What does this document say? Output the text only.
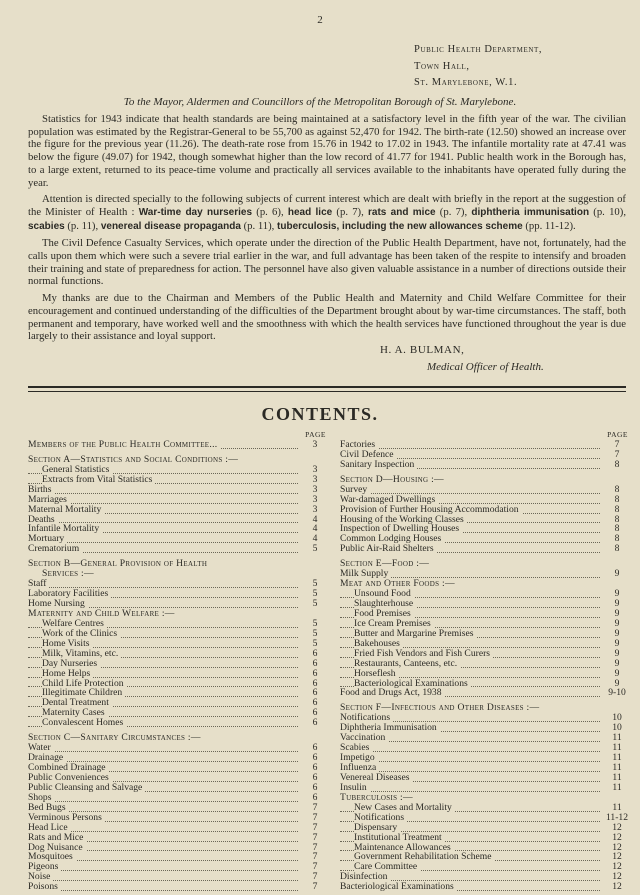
2
Public Health Department,
Town Hall,
St. Marylebone, W.1.
To the Mayor, Aldermen and Councillors of the Metropolitan Borough of St. Marylebone.

Statistics for 1943 indicate that health standards are being maintained at a satisfactory level in the fifth year of the war. The civilian population was estimated by the Registrar-General to be 55,700 as against 52,470 for 1942. The birth-rate (12.50) showed an increase over the figure for the previous year (11.26). The death-rate rose from 15.76 in 1942 to 17.02 in 1943. The infantile mortality rate at 47.41 was below the figure (49.07) for 1942, though somewhat higher than the low record of 41.77 for 1941. Public health work in the Borough has, to a large extent, returned to its peace-time volume and practically all services available to the inhabitants have operated fully during the year.

Attention is directed specially to the following subjects of current interest which are dealt with briefly in the report at the suggestion of the Minister of Health : War-time day nurseries (p. 6), head lice (p. 7), rats and mice (p. 7), diphtheria immunisation (p. 10), scabies (p. 11), venereal disease propaganda (p. 11), tuberculosis, including the new allowances scheme (pp. 11-12).

The Civil Defence Casualty Services, which operate under the direction of the Public Health Department, have not, fortunately, had the calls upon them which were such a severe trial earlier in the war, and full advantage has been taken of the respite to intensify and broaden their training and state of preparedness for action. The personnel have also given valuable assistance in a number of directions outside their normal functions.

My thanks are due to the Chairman and Members of the Public Health and Maternity and Child Welfare Committee for their encouragement and continued understanding of the difficulties of the Department brought about by war-time circumstances. The staff, both permanent and temporary, have worked well and the smoothness with which the health services have functioned throughout the year is due largely to their assistance and loyal support.

H. A. BULMAN,
Medical Officer of Health.
CONTENTS.
PAGE
Members of the Public Health Committee...	3
Section A—Statistics and Social Conditions :—
General Statistics	3
Extracts from Vital Statistics	3
Births	3
Marriages	3
Maternal Mortality	3
Deaths	4
Infantile Mortality	4
Mortuary	4
Crematorium	5
Section B—General Provision of Health
Services :—
Staff	5
Laboratory Facilities	5
Home Nursing	5
Maternity and Child Welfare :—
Welfare Centres	5
Work of the Clinics	5
Home Visits	5
Milk, Vitamins, etc.	6
Day Nurseries	6
Home Helps	6
Child Life Protection	6
Illegitimate Children	6
Dental Treatment	6
Maternity Cases	6
Convalescent Homes	6
Section C—Sanitary Circumstances :—
Water	6
Drainage	6
Combined Drainage	6
Public Conveniences	6
Public Cleansing and Salvage	6
Shops	6
Bed Bugs	7
Verminous Persons	7
Head Lice	7
Rats and Mice	7
Dog Nuisance	7
Mosquitoes	7
Pigeons	7
Noise	7
Poisons	7
PAGE
Factories	7
Civil Defence	7
Sanitary Inspection	8
Section D—Housing :—
Survey	8
War-damaged Dwellings	8
Provision of Further Housing Accommodation	8
Housing of the Working Classes	8
Inspection of Dwelling Houses	8
Common Lodging Houses	8
Public Air-Raid Shelters	8
Section E—Food :—
Milk Supply	9
Meat and Other Foods :—
Unsound Food	9
Slaughterhouse	9
Food Premises	9
Ice Cream Premises	9
Butter and Margarine Premises	9
Bakehouses	9
Fried Fish Vendors and Fish Curers	9
Restaurants, Canteens, etc.	9
Horseflesh	9
Bacteriological Examinations	9
Food and Drugs Act, 1938	9-10
Section F—Infectious and Other Diseases :—
Notifications	10
Diphtheria Immunisation	10
Vaccination	11
Scabies	11
Impetigo	11
Influenza	11
Venereal Diseases	11
Insulin	11
Tuberculosis :—
New Cases and Mortality	11
Notifications	11-12
Dispensary	12
Institutional Treatment	12
Maintenance Allowances	12
Government Rehabilitation Scheme	12
Care Committee	12
Disinfection	12
Bacteriological Examinations	12
